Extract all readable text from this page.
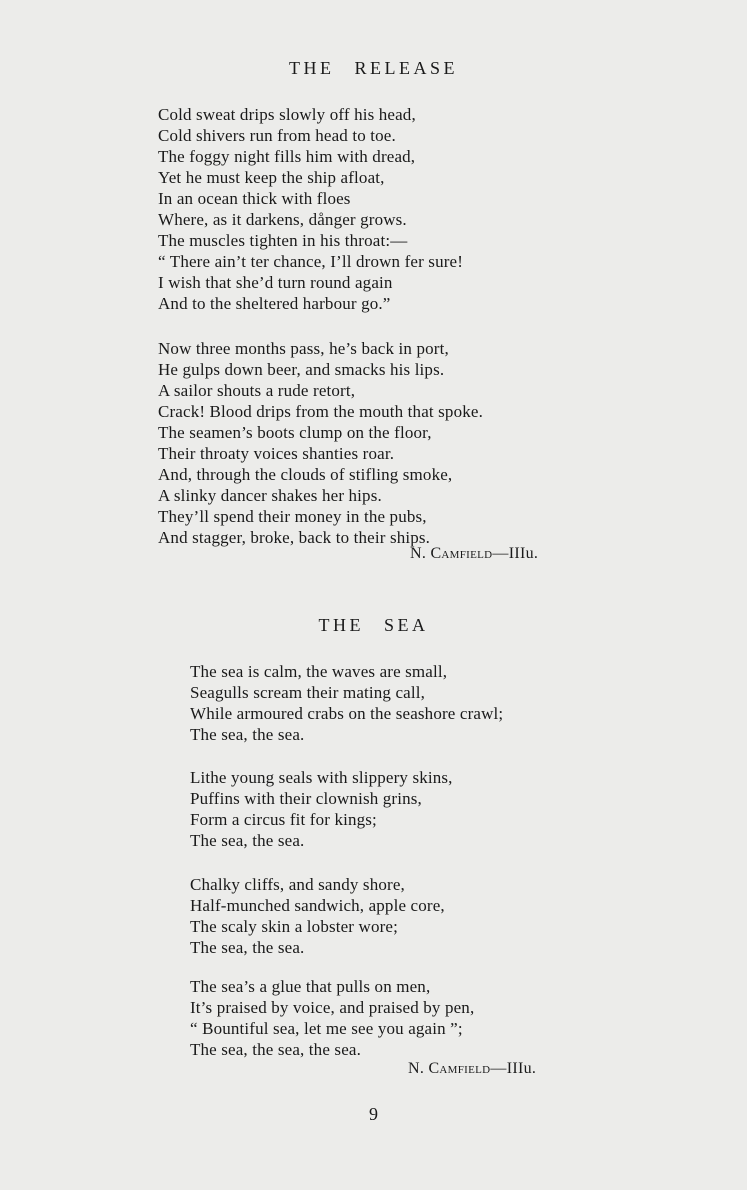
THE RELEASE
Cold sweat drips slowly off his head,
Cold shivers run from head to toe.
The foggy night fills him with dread,
Yet he must keep the ship afloat,
In an ocean thick with floes
Where, as it darkens, dånger grows.
The muscles tighten in his throat:—
“ There ain’t ter chance, I’ll drown fer sure!
I wish that she’d turn round again
And to the sheltered harbour go.”
Now three months pass, he’s back in port,
He gulps down beer, and smacks his lips.
A sailor shouts a rude retort,
Crack! Blood drips from the mouth that spoke.
The seamen’s boots clump on the floor,
Their throaty voices shanties roar.
And, through the clouds of stifling smoke,
A slinky dancer shakes her hips.
They’ll spend their money in the pubs,
And stagger, broke, back to their ships.
N. Camfield—IIIu.
THE SEA
The sea is calm, the waves are small,
Seagulls scream their mating call,
While armoured crabs on the seashore crawl;
The sea, the sea.
Lithe young seals with slippery skins,
Puffins with their clownish grins,
Form a circus fit for kings;
The sea, the sea.
Chalky cliffs, and sandy shore,
Half-munched sandwich, apple core,
The scaly skin a lobster wore;
The sea, the sea.
The sea’s a glue that pulls on men,
It’s praised by voice, and praised by pen,
“ Bountiful sea, let me see you again ”;
The sea, the sea, the sea.
N. Camfield—IIIu.
9
